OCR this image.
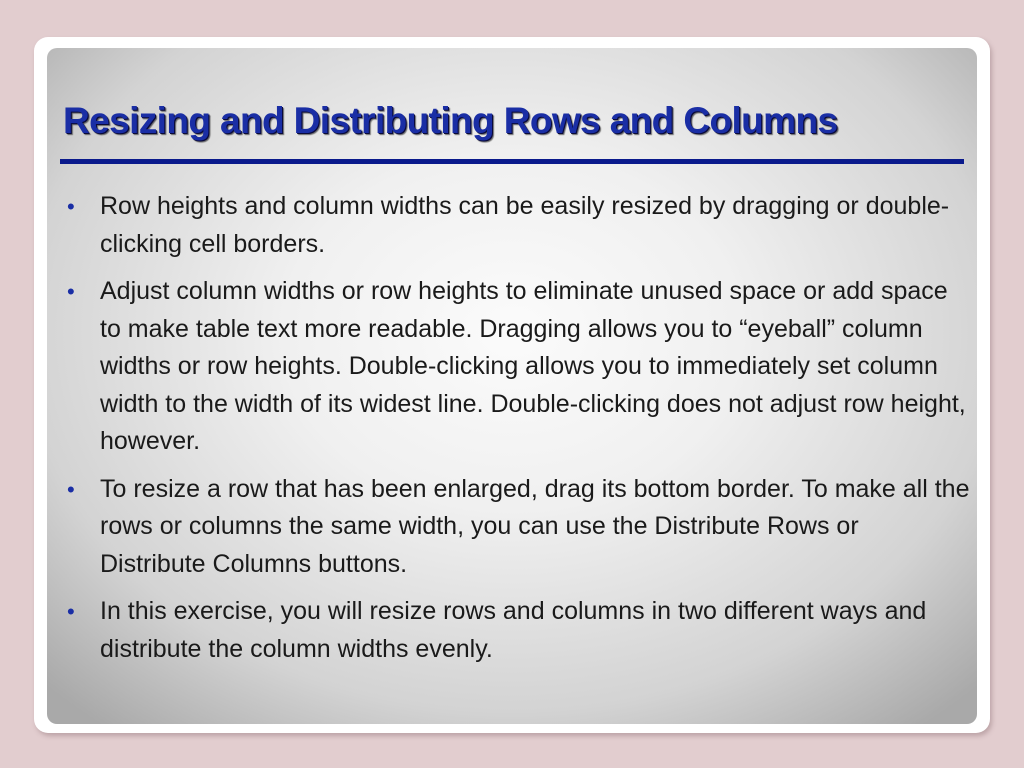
Resizing and Distributing Rows and Columns
• Row heights and column widths can be easily resized by dragging or double-clicking cell borders.
• Adjust column widths or row heights to eliminate unused space or add space to make table text more readable. Dragging allows you to “eyeball” column widths or row heights. Double-clicking allows you to immediately set column width to the width of its widest line. Double-clicking does not adjust row height, however.
• To resize a row that has been enlarged, drag its bottom border. To make all the rows or columns the same width, you can use the Distribute Rows or Distribute Columns buttons.
• In this exercise, you will resize rows and columns in two different ways and distribute the column widths evenly.
